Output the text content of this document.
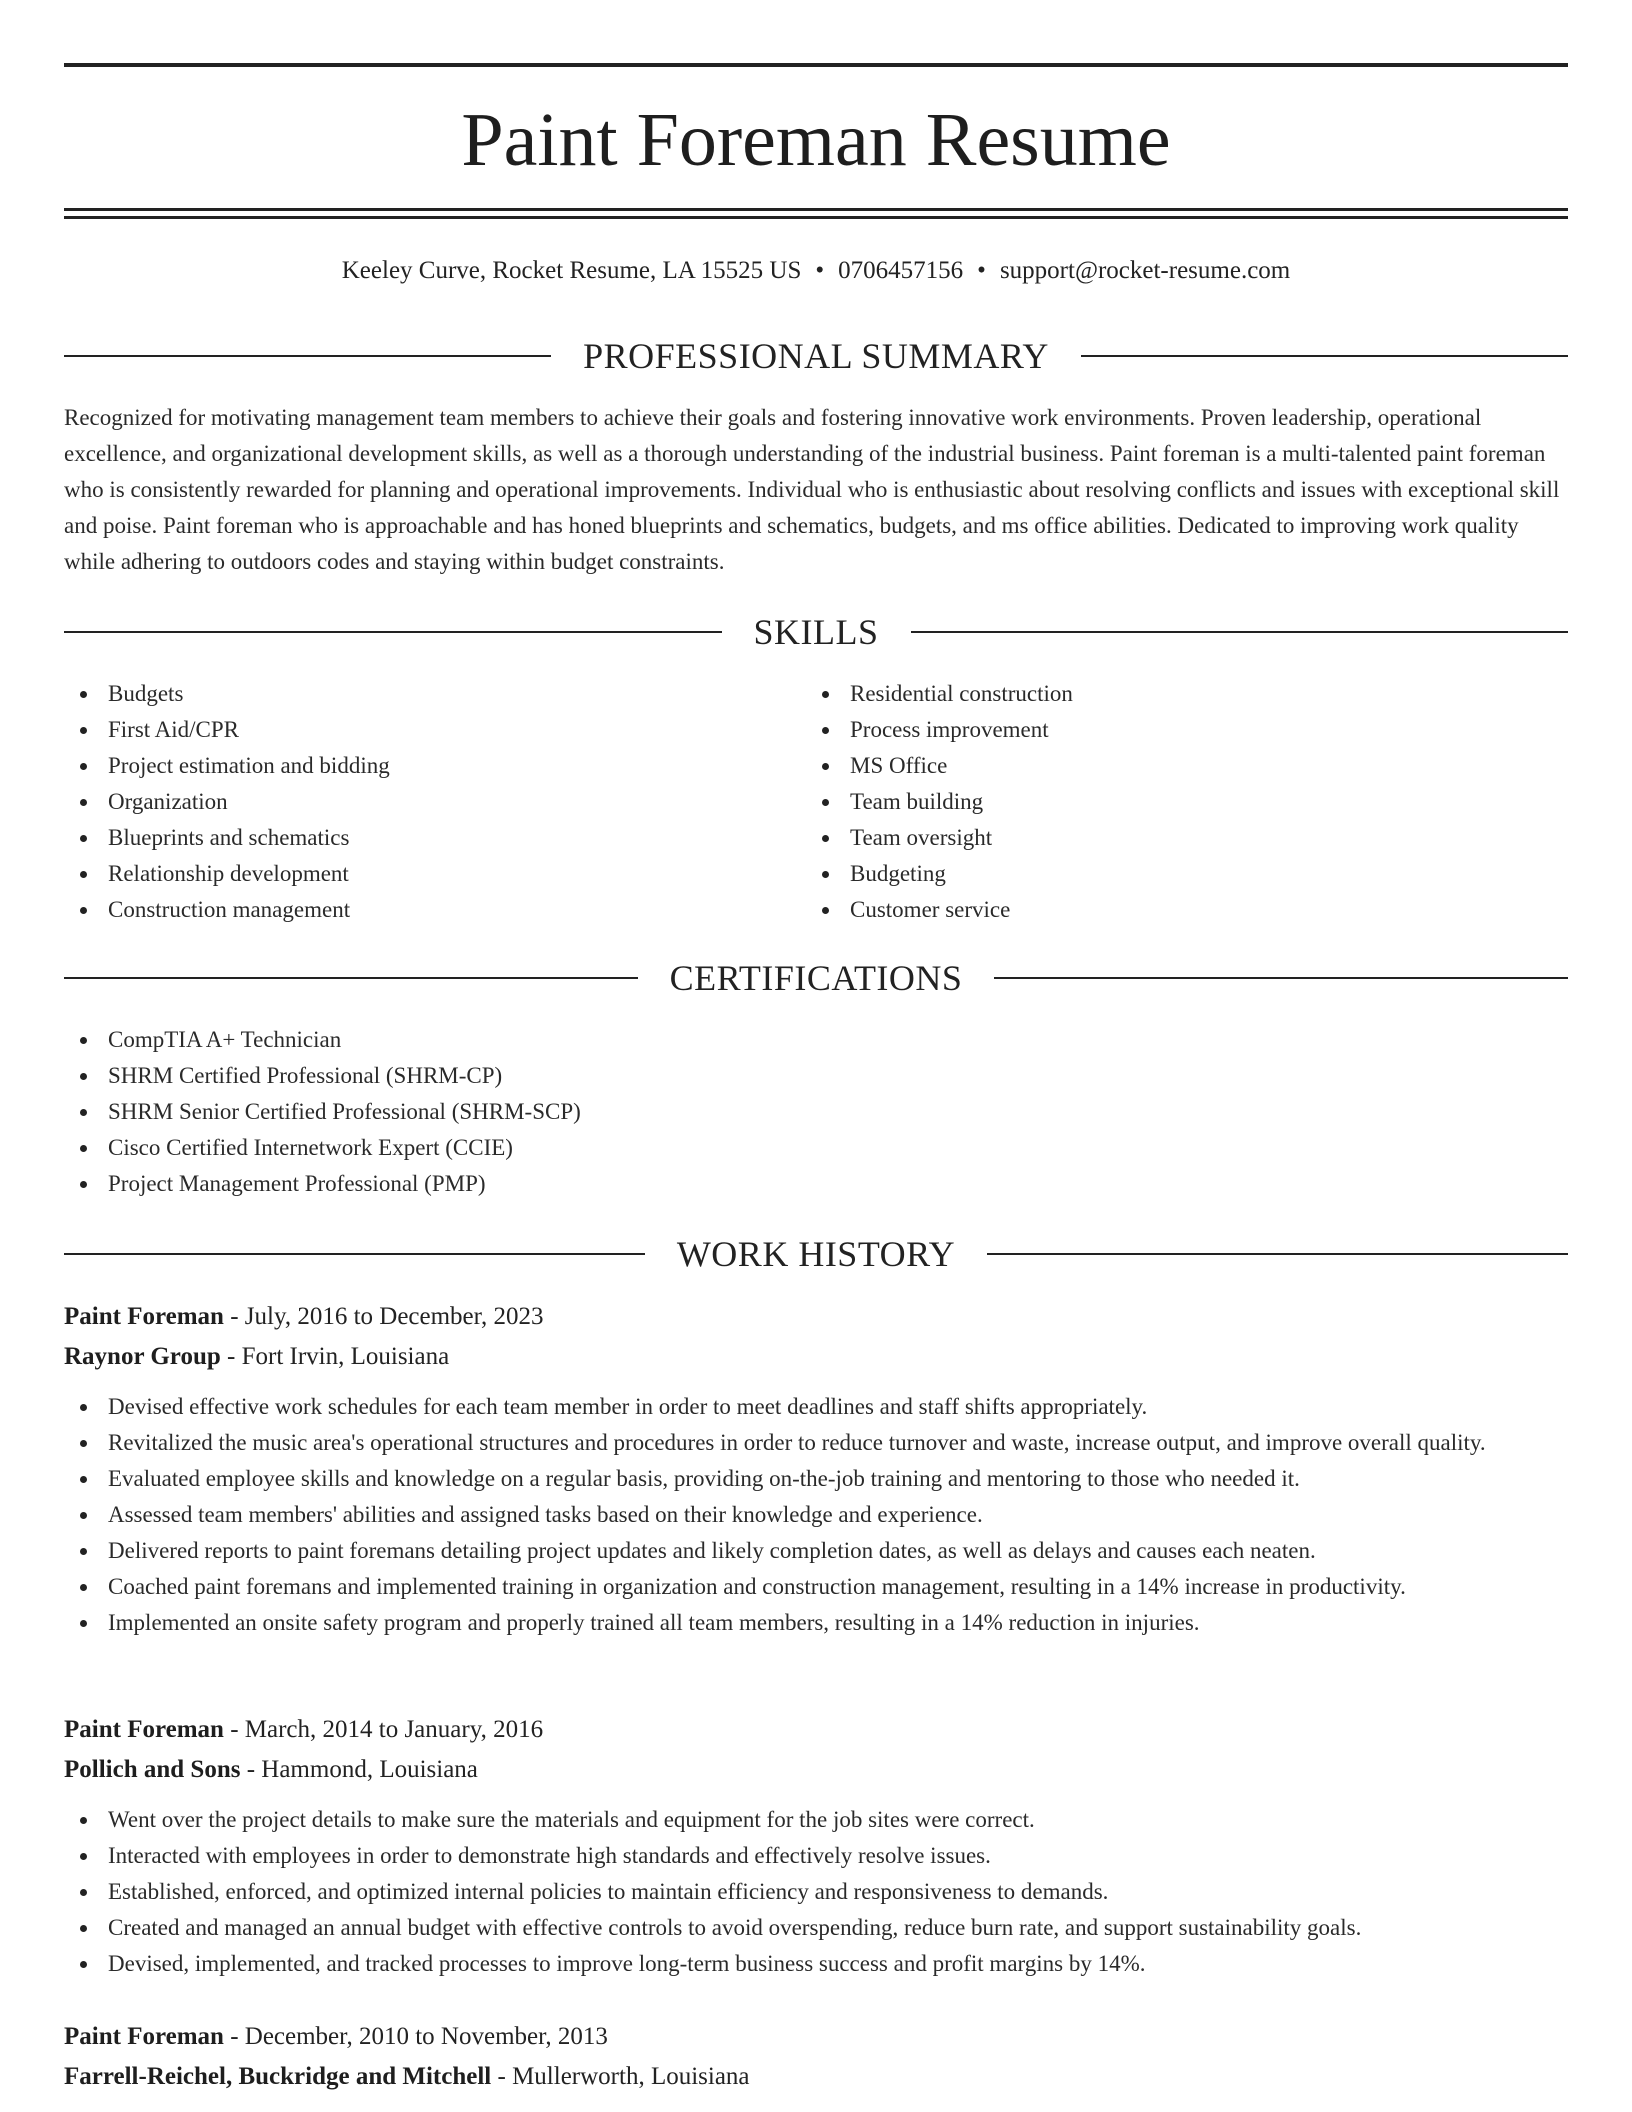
Paint Foreman Resume
Keeley Curve, Rocket Resume, LA 15525 US • 0706457156 • support@rocket-resume.com
PROFESSIONAL SUMMARY
Recognized for motivating management team members to achieve their goals and fostering innovative work environments. Proven leadership, operational excellence, and organizational development skills, as well as a thorough understanding of the industrial business. Paint foreman is a multi-talented paint foreman who is consistently rewarded for planning and operational improvements. Individual who is enthusiastic about resolving conflicts and issues with exceptional skill and poise. Paint foreman who is approachable and has honed blueprints and schematics, budgets, and ms office abilities. Dedicated to improving work quality while adhering to outdoors codes and staying within budget constraints.
SKILLS
Budgets
First Aid/CPR
Project estimation and bidding
Organization
Blueprints and schematics
Relationship development
Construction management
Residential construction
Process improvement
MS Office
Team building
Team oversight
Budgeting
Customer service
CERTIFICATIONS
CompTIA A+ Technician
SHRM Certified Professional (SHRM-CP)
SHRM Senior Certified Professional (SHRM-SCP)
Cisco Certified Internetwork Expert (CCIE)
Project Management Professional (PMP)
WORK HISTORY
Paint Foreman - July, 2016 to December, 2023
Raynor Group - Fort Irvin, Louisiana
Devised effective work schedules for each team member in order to meet deadlines and staff shifts appropriately.
Revitalized the music area's operational structures and procedures in order to reduce turnover and waste, increase output, and improve overall quality.
Evaluated employee skills and knowledge on a regular basis, providing on-the-job training and mentoring to those who needed it.
Assessed team members' abilities and assigned tasks based on their knowledge and experience.
Delivered reports to paint foremans detailing project updates and likely completion dates, as well as delays and causes each neaten.
Coached paint foremans and implemented training in organization and construction management, resulting in a 14% increase in productivity.
Implemented an onsite safety program and properly trained all team members, resulting in a 14% reduction in injuries.
Paint Foreman - March, 2014 to January, 2016
Pollich and Sons - Hammond, Louisiana
Went over the project details to make sure the materials and equipment for the job sites were correct.
Interacted with employees in order to demonstrate high standards and effectively resolve issues.
Established, enforced, and optimized internal policies to maintain efficiency and responsiveness to demands.
Created and managed an annual budget with effective controls to avoid overspending, reduce burn rate, and support sustainability goals.
Devised, implemented, and tracked processes to improve long-term business success and profit margins by 14%.
Paint Foreman - December, 2010 to November, 2013
Farrell-Reichel, Buckridge and Mitchell - Mullerworth, Louisiana
